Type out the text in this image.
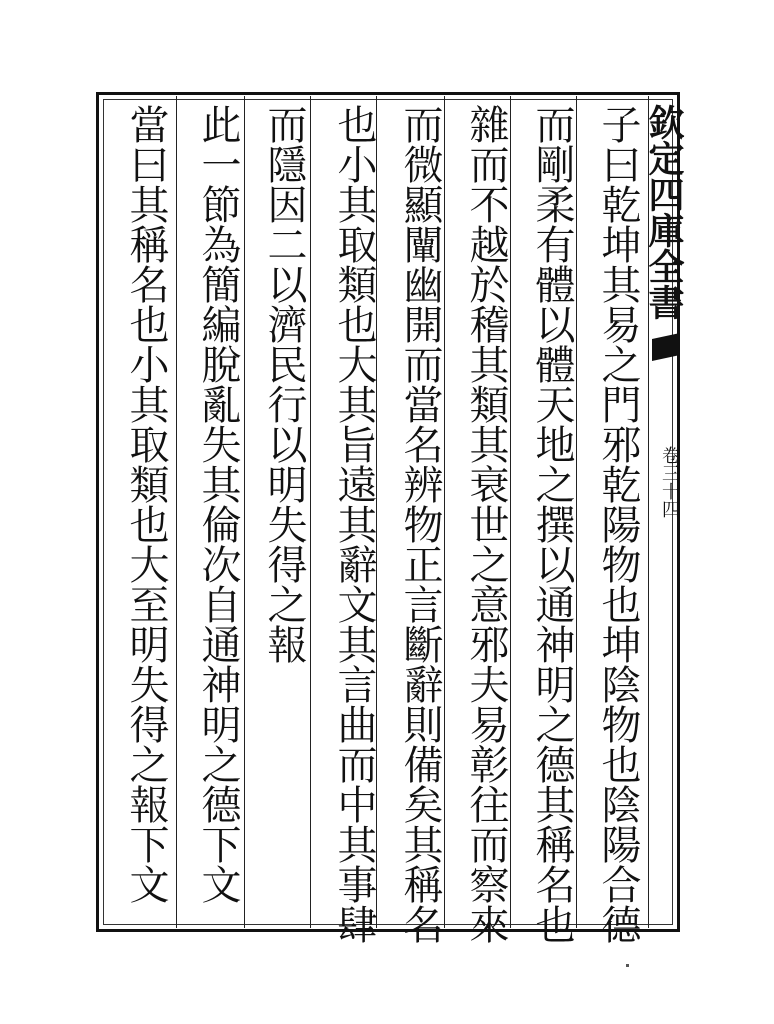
欽定四庫全書
卷三十四
子曰乾坤其易之門邪乾陽物也坤陰物也陰陽合德
而剛柔有體以體天地之撰以通神明之德其稱名也
雜而不越於稽其類其衰世之意邪夫易彰往而察來
而微顯闡幽開而當名辨物正言斷辭則備矣其稱名
也小其取類也大其旨遠其辭文其言曲而中其事肆
而隱因二以濟民行以明失得之報
此一節為簡編脫亂失其倫次自通神明之德下文
當曰其稱名也小其取類也大至明失得之報下文
